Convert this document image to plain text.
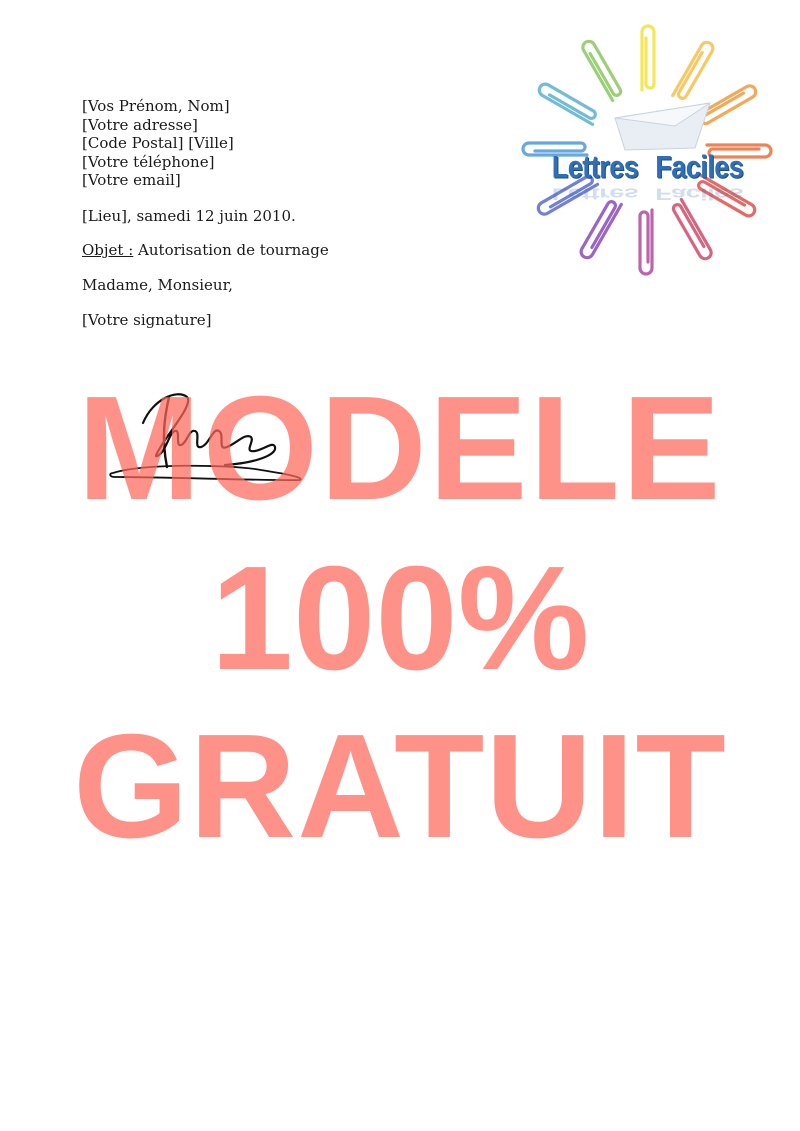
[Vos Prénom, Nom]
[Votre adresse]
[Code Postal] [Ville]
[Votre téléphone]
[Votre email]
[Lieu], samedi 12 juin 2010.
Objet : Autorisation de tournage
Madame, Monsieur,
[Votre signature]
Lettres Faciles
Lettres Faciles
MODELE
100%
GRATUIT
